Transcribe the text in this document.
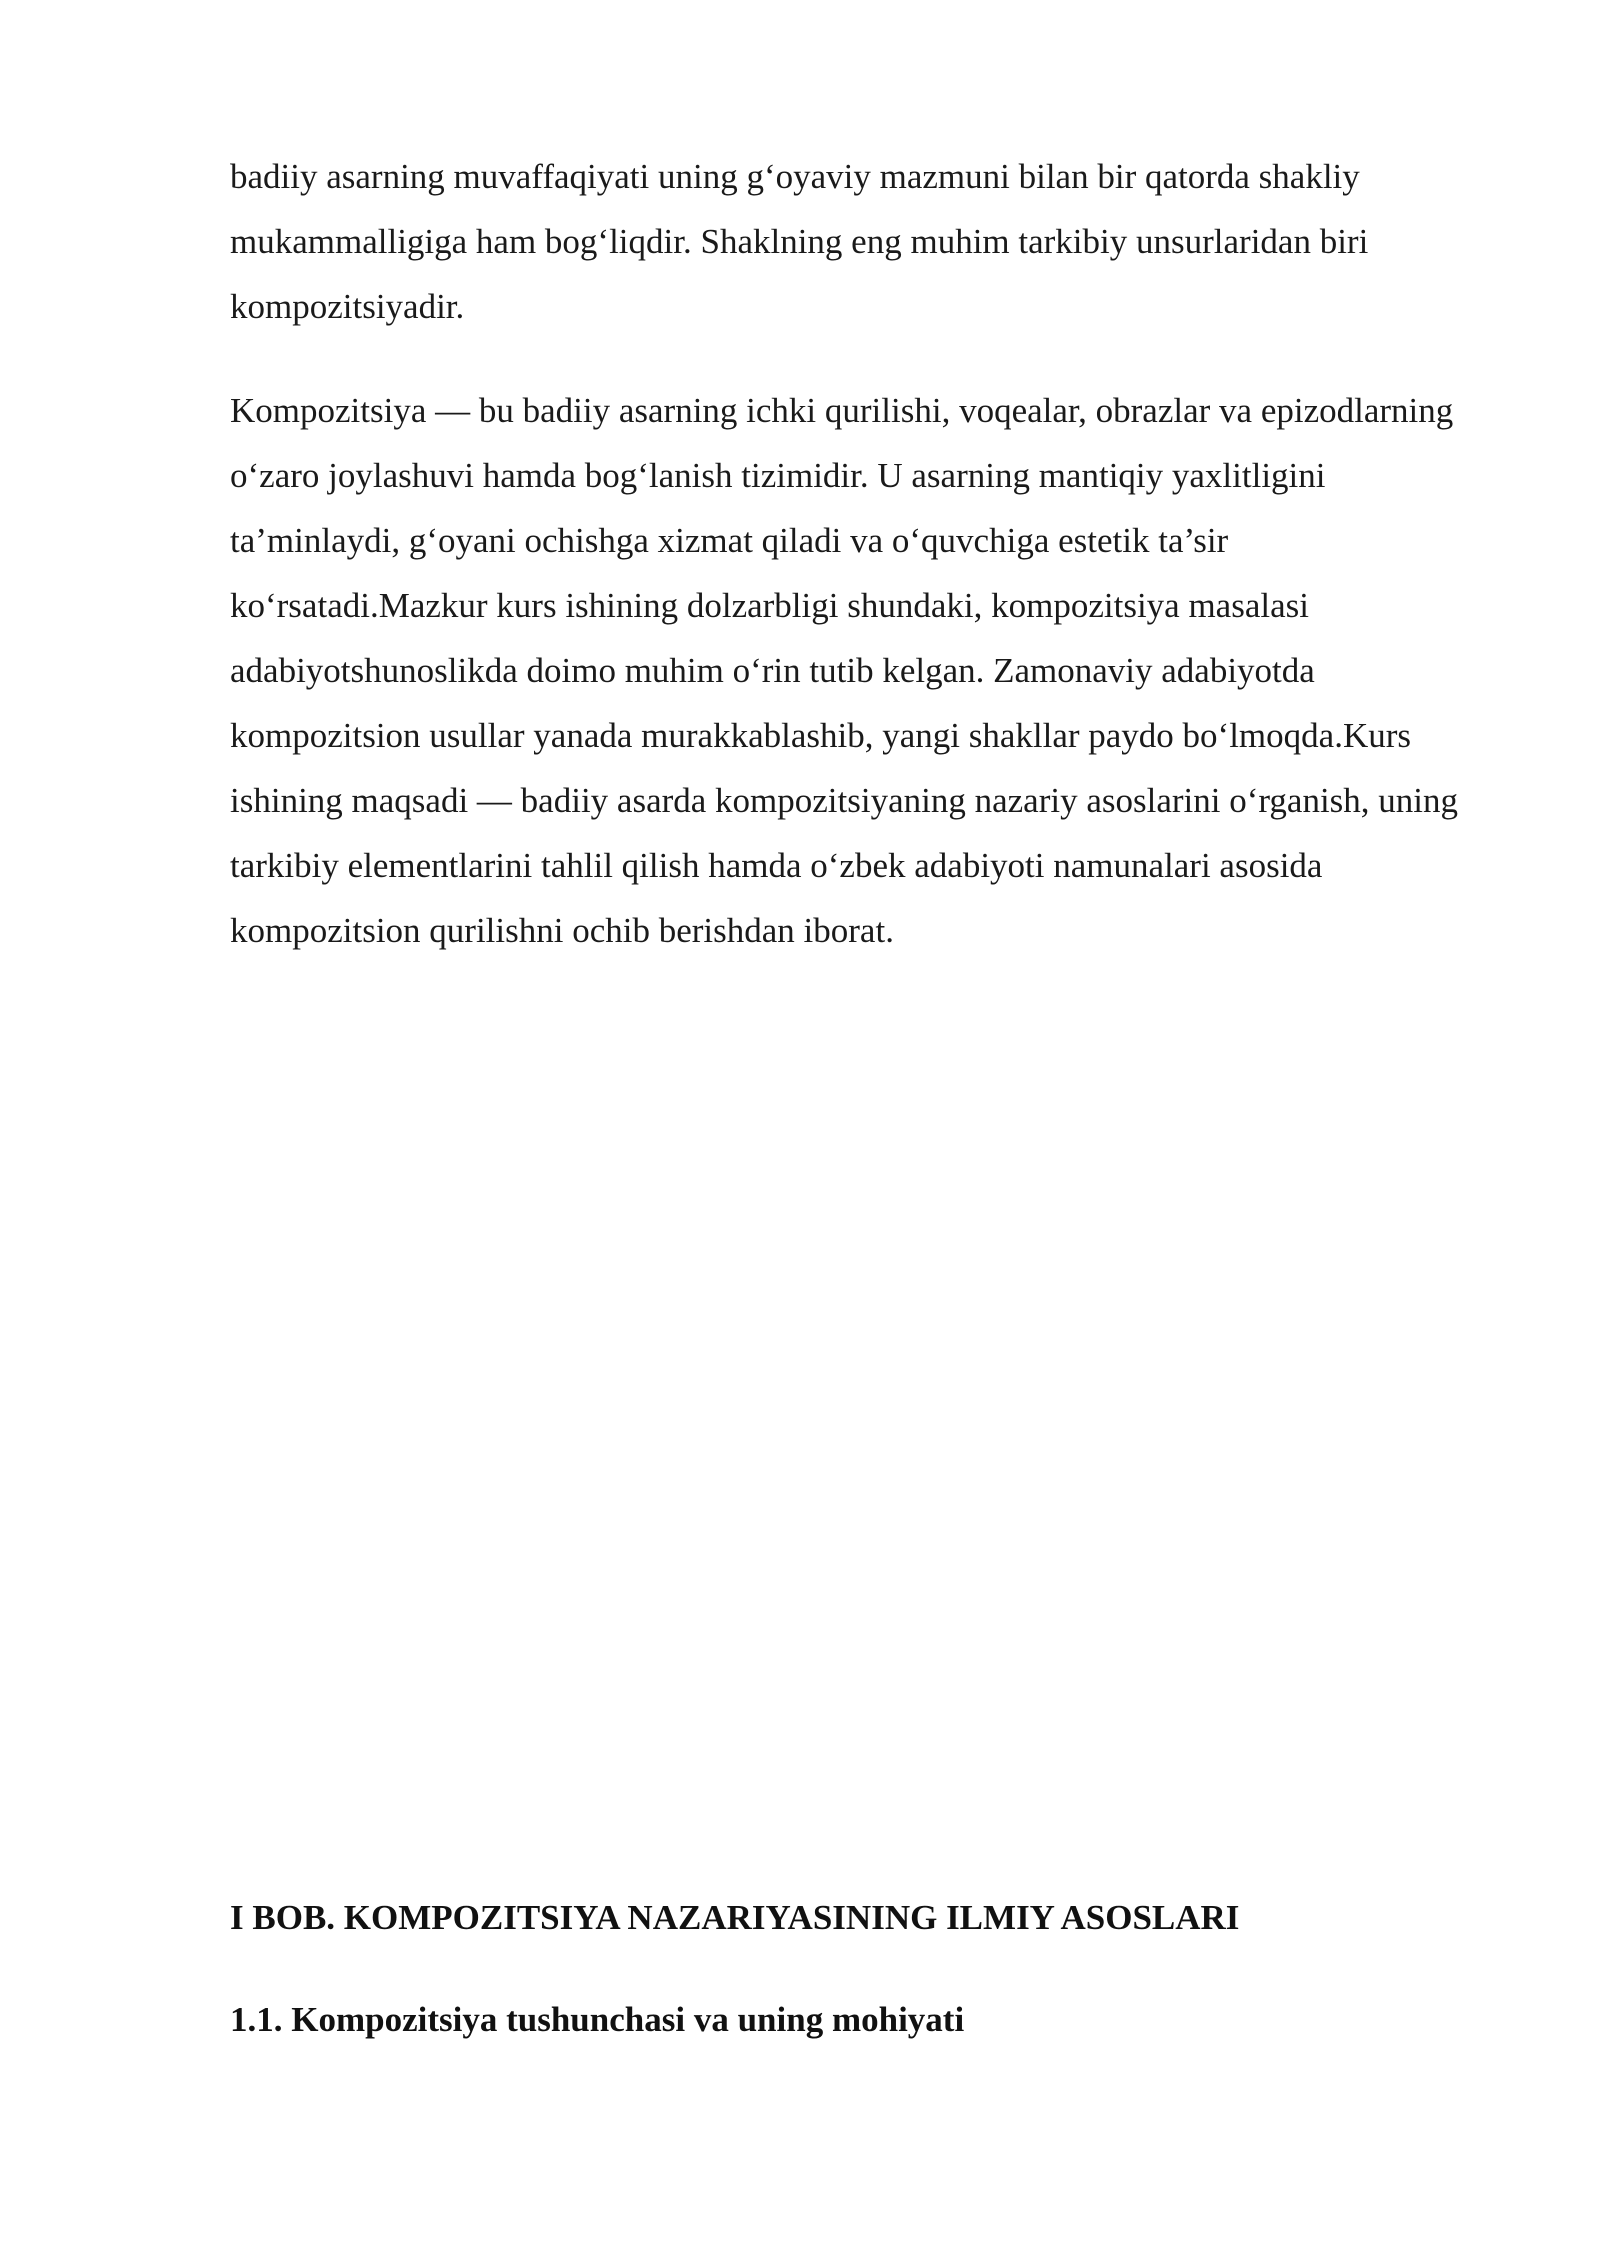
badiiy asarning muvaffaqiyati uning g‘oyaviy mazmuni bilan bir qatorda shakliy mukammalligiga ham bog‘liqdir. Shaklning eng muhim tarkibiy unsurlaridan biri kompozitsiyadir.

Kompozitsiya — bu badiiy asarning ichki qurilishi, voqealar, obrazlar va epizodlarning o‘zaro joylashuvi hamda bog‘lanish tizimidir. U asarning mantiqiy yaxlitligini ta’minlaydi, g‘oyani ochishga xizmat qiladi va o‘quvchiga estetik ta’sir ko‘rsatadi.Mazkur kurs ishining dolzarbligi shundaki, kompozitsiya masalasi adabiyotshunoslikda doimo muhim o‘rin tutib kelgan. Zamonaviy adabiyotda kompozitsion usullar yanada murakkablashib, yangi shakllar paydo bo‘lmoqda.Kurs ishining maqsadi — badiiy asarda kompozitsiyaning nazariy asoslarini o‘rganish, uning tarkibiy elementlarini tahlil qilish hamda o‘zbek adabiyoti namunalari asosida kompozitsion qurilishni ochib berishdan iborat.

I BOB. KOMPOZITSIYA NAZARIYASINING ILMIY ASOSLARI
1.1. Kompozitsiya tushunchasi va uning mohiyati
